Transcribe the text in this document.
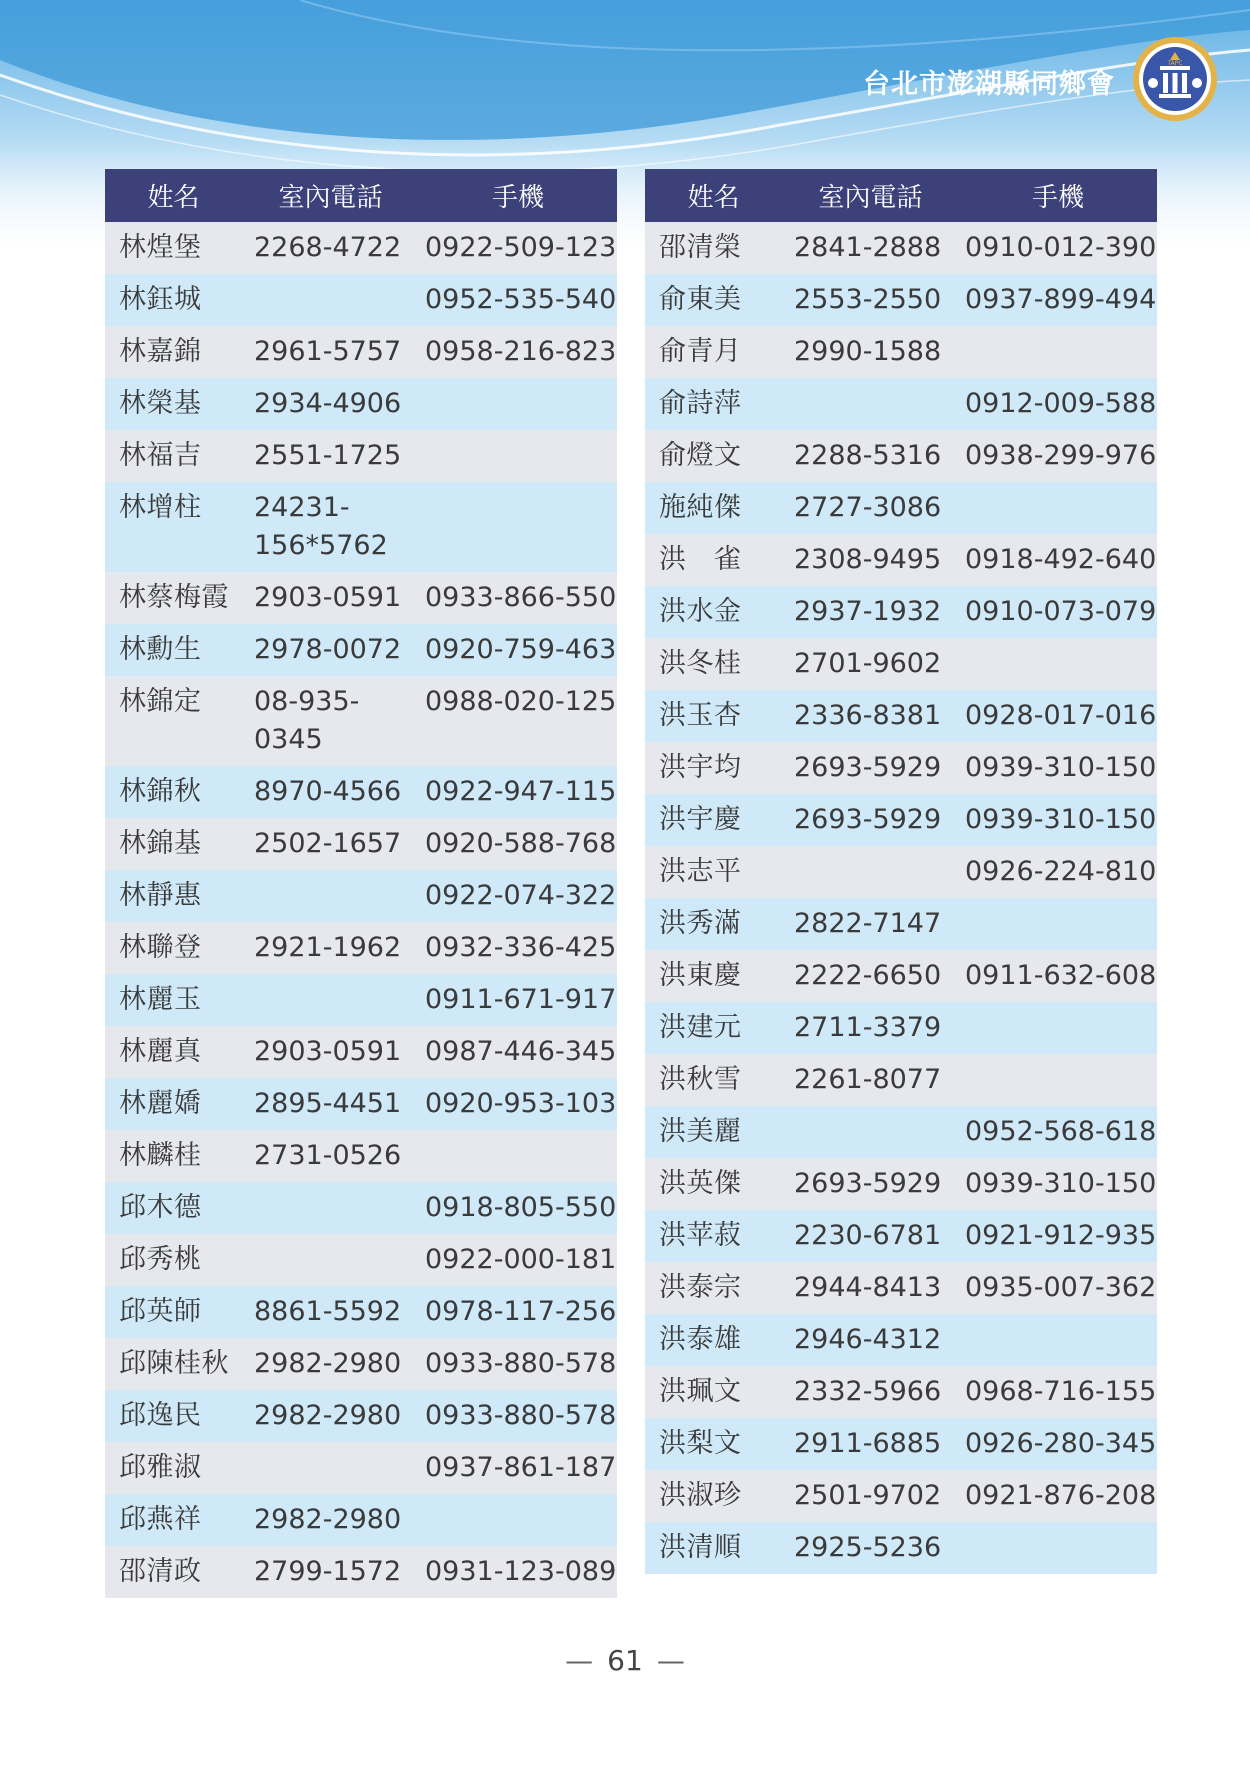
台北市澎湖縣同鄉會
TAPC
姓名	室內電話	手機
林煌堡	2268-4722	0922-509-123
林鈺城		0952-535-540
林嘉錦	2961-5757	0958-216-823
林榮基	2934-4906	
林福吉	2551-1725	
林增柱	24231-156*5762	
林蔡梅霞	2903-0591	0933-866-550
林勳生	2978-0072	0920-759-463
林錦定	08-935-0345	0988-020-125
林錦秋	8970-4566	0922-947-115
林錦基	2502-1657	0920-588-768
林靜惠		0922-074-322
林聯登	2921-1962	0932-336-425
林麗玉		0911-671-917
林麗真	2903-0591	0987-446-345
林麗嬌	2895-4451	0920-953-103
林麟桂	2731-0526	
邱木德		0918-805-550
邱秀桃		0922-000-181
邱英師	8861-5592	0978-117-256
邱陳桂秋	2982-2980	0933-880-578
邱逸民	2982-2980	0933-880-578
邱雅淑		0937-861-187
邱燕祥	2982-2980	
邵清政	2799-1572	0931-123-089
姓名	室內電話	手機
邵清榮	2841-2888	0910-012-390
俞東美	2553-2550	0937-899-494
俞青月	2990-1588	
俞詩萍		0912-009-588
俞燈文	2288-5316	0938-299-976
施純傑	2727-3086	
洪　雀	2308-9495	0918-492-640
洪水金	2937-1932	0910-073-079
洪冬桂	2701-9602	
洪玉杏	2336-8381	0928-017-016
洪宇均	2693-5929	0939-310-150
洪宇慶	2693-5929	0939-310-150
洪志平		0926-224-810
洪秀滿	2822-7147	
洪東慶	2222-6650	0911-632-608
洪建元	2711-3379	
洪秋雪	2261-8077	
洪美麗		0952-568-618
洪英傑	2693-5929	0939-310-150
洪苹菽	2230-6781	0921-912-935
洪泰宗	2944-8413	0935-007-362
洪泰雄	2946-4312	
洪珮文	2332-5966	0968-716-155
洪梨文	2911-6885	0926-280-345
洪淑珍	2501-9702	0921-876-208
洪清順	2925-5236	
— 61 —
